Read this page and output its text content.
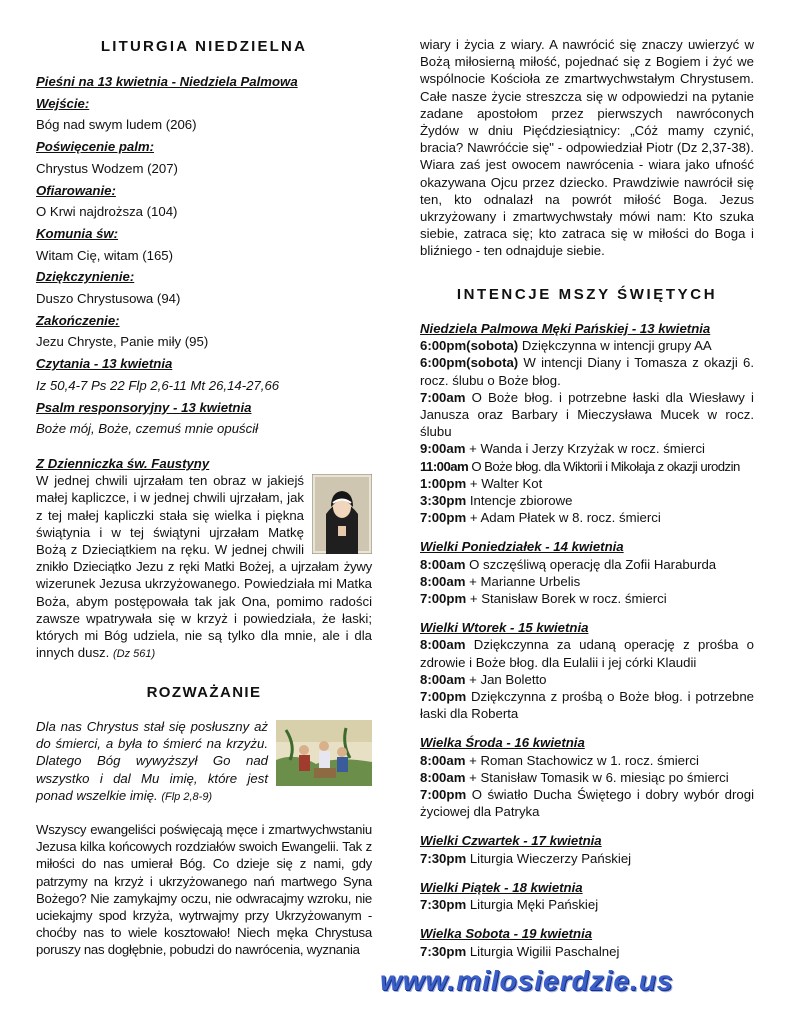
LITURGIA NIEDZIELNA
Pieśni na 13 kwietnia - Niedziela Palmowa
Wejście:
Bóg nad swym ludem (206)
Poświęcenie palm:
Chrystus Wodzem (207)
Ofiarowanie:
O Krwi najdroższa (104)
Komunia św:
Witam Cię, witam (165)
Dziękczynienie:
Duszo Chrystusowa (94)
Zakończenie:
Jezu Chryste, Panie miły (95)
Czytania - 13 kwietnia
Iz 50,4-7 Ps 22 Flp 2,6-11 Mt 26,14-27,66
Psalm responsoryjny - 13 kwietnia
Boże mój, Boże, czemuś mnie opuścił
Z Dzienniczka św. Faustyny
W jednej chwili ujrzałam ten obraz w jakiejś małej kapliczce, i w jednej chwili ujrzałam, jak z tej małej kapliczki stała się wielka i piękna świątynia i w tej świątyni ujrzałam Matkę Bożą z Dzieciątkiem na ręku. W jednej chwili znikło Dzieciątko Jezu z ręki Matki Bożej, a ujrzałam żywy wizerunek Jezusa ukrzyżowanego. Powiedziała mi Matka Boża, abym postępowała tak jak Ona, pomimo radości zawsze wpatrywała się w krzyż i powiedziała, że łaski; których mi Bóg udziela, nie są tylko dla mnie, ale i dla innych dusz. (Dz 561)
ROZWAŻANIE
Dla nas Chrystus stał się posłuszny aż do śmierci, a była to śmierć na krzyżu. Dlatego Bóg wywyższył Go nad wszystko i dal Mu imię, które jest ponad wszelkie imię. (Flp 2,8-9)
Wszyscy ewangeliści poświęcają męce i zmartwychwstaniu Jezusa kilka końcowych rozdziałów swoich Ewangelii. Tak z miłości do nas umierał Bóg. Co dzieje się z nami, gdy patrzymy na krzyż i ukrzyżowanego nań martwego Syna Bożego? Nie zamykajmy oczu, nie odwracajmy wzroku, nie uciekajmy spod krzyża, wytrwajmy przy Ukrzyżowanym - choćby nas to wiele kosztowało! Niech męka Chrystusa poruszy nas dogłębnie, pobudzi do nawrócenia, wyznania
wiary i życia z wiary. A nawrócić się znaczy uwierzyć w Bożą miłosierną miłość, pojednać się z Bogiem i żyć we wspólnocie Kościoła ze zmartwychwstałym Chrystusem. Całe nasze życie streszcza się w odpowiedzi na pytanie zadane apostołom przez pierwszych nawróconych Żydów w dniu Pięćdziesiątnicy: „Cóż mamy czynić, bracia? Nawróćcie się" - odpowiedział Piotr (Dz 2,37-38). Wiara zaś jest owocem nawrócenia - wiara jako ufność okazywana Ojcu przez dziecko. Prawdziwie nawrócił się ten, kto odnalazł na powrót miłość Boga. Jezus ukrzyżowany i zmartwychwstały mówi nam: Kto szuka siebie, zatraca się; kto zatraca się w miłości do Boga i bliźniego - ten odnajduje siebie.
INTENCJE MSZY ŚWIĘTYCH
Niedziela Palmowa Męki Pańskiej - 13 kwietnia
6:00pm(sobota) Dziękczynna w intencji grupy AA
6:00pm(sobota) W intencji Diany i Tomasza z okazji 6. rocz. ślubu o Boże błog.
7:00am O Boże błog. i potrzebne łaski dla Wiesławy i Janusza oraz Barbary i Mieczysława Mucek w rocz. ślubu
9:00am + Wanda i Jerzy Krzyżak w rocz. śmierci
11:00am O Boże błog. dla Wiktorii i Mikołaja z okazji urodzin
1:00pm + Walter Kot
3:30pm Intencje zbiorowe
7:00pm + Adam Płatek w 8. rocz. śmierci
Wielki Poniedziałek - 14 kwietnia
8:00am O szczęśliwą operację dla Zofii Haraburda
8:00am + Marianne Urbelis
7:00pm + Stanisław Borek w rocz. śmierci
Wielki Wtorek - 15 kwietnia
8:00am Dziękczynna za udaną operację z prośba o zdrowie i Boże błog. dla Eulalii i jej córki Klaudii
8:00am + Jan Boletto
7:00pm Dziękczynna z prośbą o Boże błog. i potrzebne łaski dla Roberta
Wielka Środa - 16 kwietnia
8:00am + Roman Stachowicz w 1. rocz. śmierci
8:00am + Stanisław Tomasik w 6. miesiąc po śmierci
7:00pm O światło Ducha Świętego i dobry wybór drogi życiowej dla Patryka
Wielki Czwartek - 17 kwietnia
7:30pm Liturgia Wieczerzy Pańskiej
Wielki Piątek - 18 kwietnia
7:30pm Liturgia Męki Pańskiej
Wielka Sobota - 19 kwietnia
7:30pm Liturgia Wigilii Paschalnej
www.milosierdzie.us
